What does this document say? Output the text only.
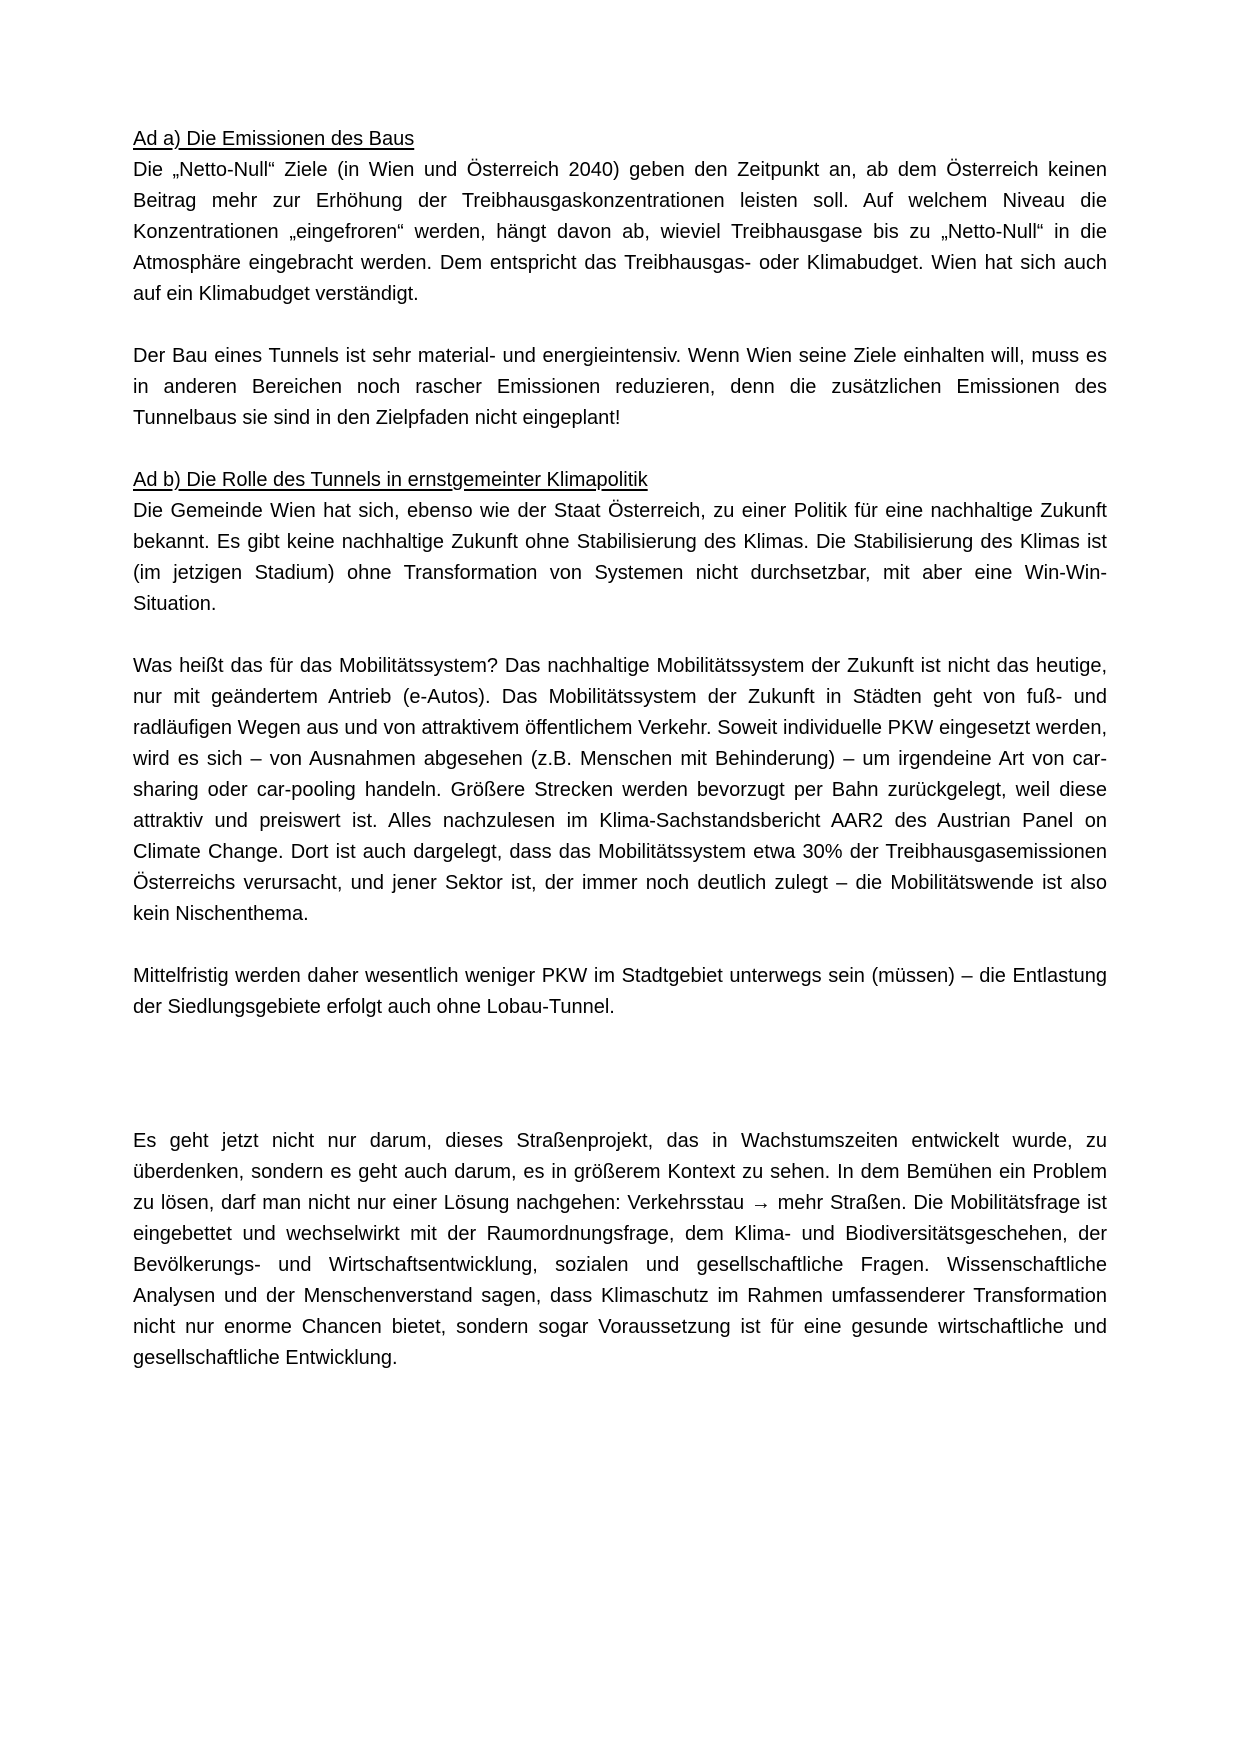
Ad a) Die Emissionen des Baus

Die „Netto-Null“ Ziele (in Wien und Österreich 2040) geben den Zeitpunkt an, ab dem Österreich keinen Beitrag mehr zur Erhöhung der Treibhausgaskonzentrationen leisten soll. Auf welchem Niveau die Konzentrationen „eingefroren“ werden, hängt davon ab, wieviel Treibhausgase bis zu „Netto-Null“ in die Atmosphäre eingebracht werden. Dem entspricht das Treibhausgas- oder Klimabudget. Wien hat sich auch auf ein Klimabudget verständigt.

Der Bau eines Tunnels ist sehr material- und energieintensiv. Wenn Wien seine Ziele einhalten will, muss es in anderen Bereichen noch rascher Emissionen reduzieren, denn die zusätzlichen Emissionen des Tunnelbaus sie sind in den Zielpfaden nicht eingeplant!

Ad b) Die Rolle des Tunnels in ernstgemeinter Klimapolitik

Die Gemeinde Wien hat sich, ebenso wie der Staat Österreich, zu einer Politik für eine nachhaltige Zukunft bekannt. Es gibt keine nachhaltige Zukunft ohne Stabilisierung des Klimas. Die Stabilisierung des Klimas ist (im jetzigen Stadium) ohne Transformation von Systemen nicht durchsetzbar, mit aber eine Win-Win-Situation.

Was heißt das für das Mobilitätssystem? Das nachhaltige Mobilitätssystem der Zukunft ist nicht das heutige, nur mit geändertem Antrieb (e-Autos). Das Mobilitätssystem der Zukunft in Städten geht von fuß- und radläufigen Wegen aus und von attraktivem öffentlichem Verkehr. Soweit individuelle PKW eingesetzt werden, wird es sich – von Ausnahmen abgesehen (z.B. Menschen mit Behinderung) – um irgendeine Art von car-sharing oder car-pooling handeln. Größere Strecken werden bevorzugt per Bahn zurückgelegt, weil diese attraktiv und preiswert ist. Alles nachzulesen im Klima-Sachstandsbericht AAR2 des Austrian Panel on Climate Change. Dort ist auch dargelegt, dass das Mobilitätssystem etwa 30% der Treibhausgasemissionen Österreichs verursacht, und jener Sektor ist, der immer noch deutlich zulegt – die Mobilitätswende ist also kein Nischenthema.

Mittelfristig werden daher wesentlich weniger PKW im Stadtgebiet unterwegs sein (müssen) – die Entlastung der Siedlungsgebiete erfolgt auch ohne Lobau-Tunnel.

Es geht jetzt nicht nur darum, dieses Straßenprojekt, das in Wachstumszeiten entwickelt wurde, zu überdenken, sondern es geht auch darum, es in größerem Kontext zu sehen. In dem Bemühen ein Problem zu lösen, darf man nicht nur einer Lösung nachgehen: Verkehrsstau → mehr Straßen. Die Mobilitätsfrage ist eingebettet und wechselwirkt mit der Raumordnungsfrage, dem Klima- und Biodiversitätsgeschehen, der Bevölkerungs- und Wirtschaftsentwicklung, sozialen und gesellschaftliche Fragen. Wissenschaftliche Analysen und der Menschenverstand sagen, dass Klimaschutz im Rahmen umfassenderer Transformation nicht nur enorme Chancen bietet, sondern sogar Voraussetzung ist für eine gesunde wirtschaftliche und gesellschaftliche Entwicklung.
